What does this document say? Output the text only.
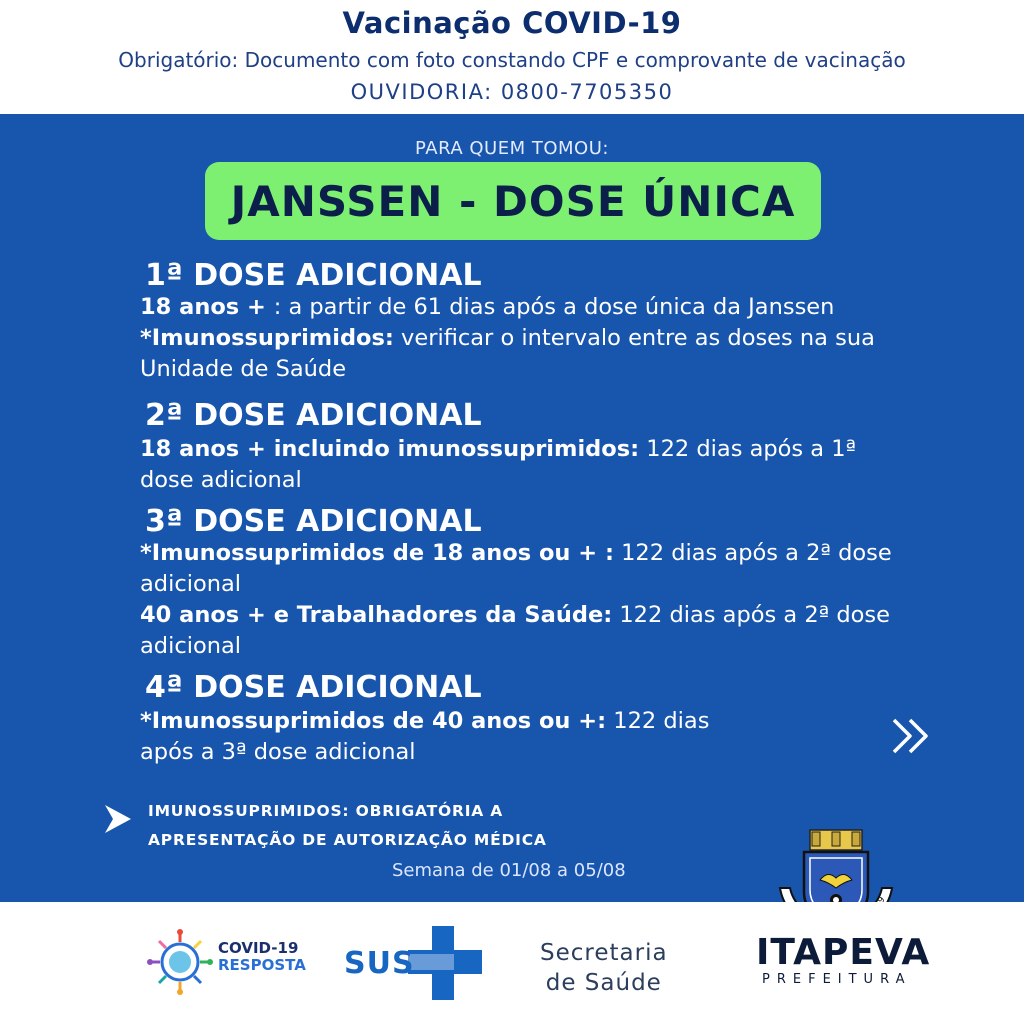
Vacinação COVID-19
Obrigatório: Documento com foto constando CPF e comprovante de vacinação
OUVIDORIA: 0800-7705350
PARA QUEM TOMOU:
JANSSEN - DOSE ÚNICA
1ª DOSE ADICIONAL
18 anos + : a partir de 61 dias após a dose única da Janssen
*Imunossuprimidos: verificar o intervalo entre as doses na sua Unidade de Saúde
2ª DOSE ADICIONAL
18 anos + incluindo imunossuprimidos: 122 dias após a 1ª dose adicional
3ª DOSE ADICIONAL
*Imunossuprimidos de 18 anos ou + : 122 dias após a 2ª dose adicional
40 anos + e Trabalhadores da Saúde: 122 dias após a 2ª dose adicional
4ª DOSE ADICIONAL
*Imunossuprimidos de 40 anos ou +: 122 dias após a 3ª dose adicional
IMUNOSSUPRIMIDOS: OBRIGATÓRIA A
APRESENTAÇÃO DE AUTORIZAÇÃO MÉDICA
Semana de 01/08 a 05/08
COVID-19
RESPOSTA SUS	Secretaria
de Saúde
ITAPEVA
PREFEITURA
